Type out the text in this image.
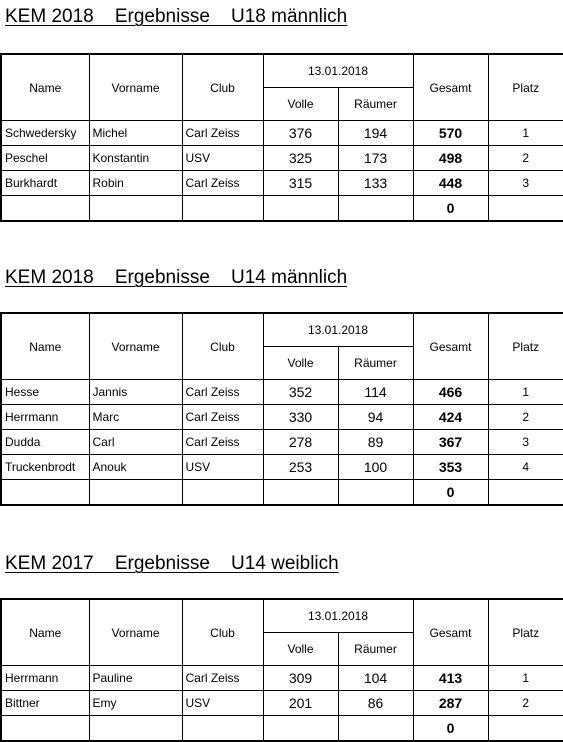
KEM 2018    Ergebnisse    U18 männlich
Name	Vorname	Club	13.01.2018		Gesamt	Platz
			Volle	Räumer		
Schwedersky	Michel	Carl Zeiss	376	194	570	1
Peschel	Konstantin	USV	325	173	498	2
Burkhardt	Robin	Carl Zeiss	315	133	448	3
					0	
KEM 2018    Ergebnisse    U14 männlich
Name	Vorname	Club	13.01.2018		Gesamt	Platz
			Volle	Räumer		
Hesse	Jannis	Carl Zeiss	352	114	466	1
Herrmann	Marc	Carl Zeiss	330	94	424	2
Dudda	Carl	Carl Zeiss	278	89	367	3
Truckenbrodt	Anouk	USV	253	100	353	4
					0	
KEM 2017    Ergebnisse    U14 weiblich
Name	Vorname	Club	13.01.2018		Gesamt	Platz
			Volle	Räumer		
Herrmann	Pauline	Carl Zeiss	309	104	413	1
Bittner	Emy	USV	201	86	287	2
					0	
